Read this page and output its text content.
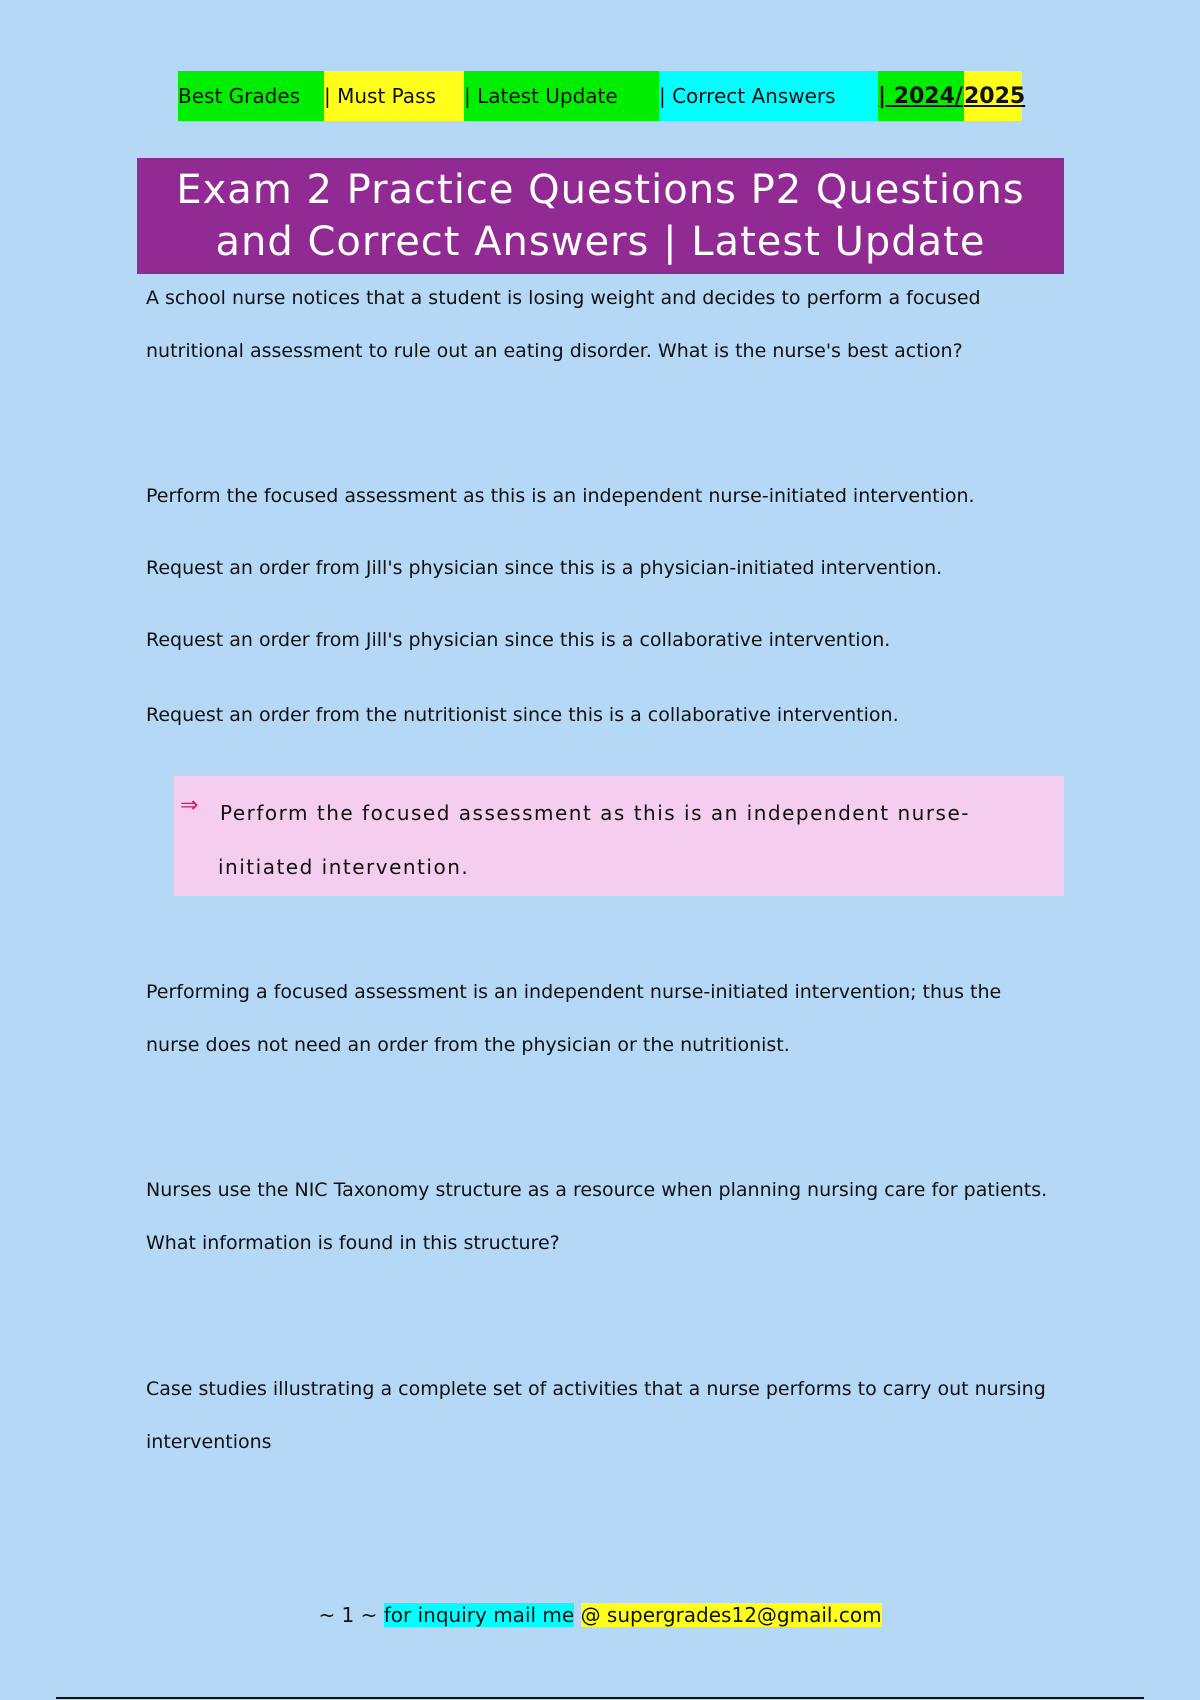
Best Grades	| Must Pass	| Latest Update	| Correct Answers	| 2024/ 2025
Exam 2 Practice Questions P2 Questions and Correct Answers | Latest Update
A school nurse notices that a student is losing weight and decides to perform a focused nutritional assessment to rule out an eating disorder. What is the nurse's best action?
Perform the focused assessment as this is an independent nurse-initiated intervention.
Request an order from Jill's physician since this is a physician-initiated intervention.
Request an order from Jill's physician since this is a collaborative intervention.
Request an order from the nutritionist since this is a collaborative intervention.
⇒ Perform the focused assessment as this is an independent nurse-initiated intervention.
Performing a focused assessment is an independent nurse-initiated intervention; thus the nurse does not need an order from the physician or the nutritionist.
Nurses use the NIC Taxonomy structure as a resource when planning nursing care for patients. What information is found in this structure?
Case studies illustrating a complete set of activities that a nurse performs to carry out nursing interventions
~ 1 ~ for inquiry mail me @ supergrades12@gmail.com
